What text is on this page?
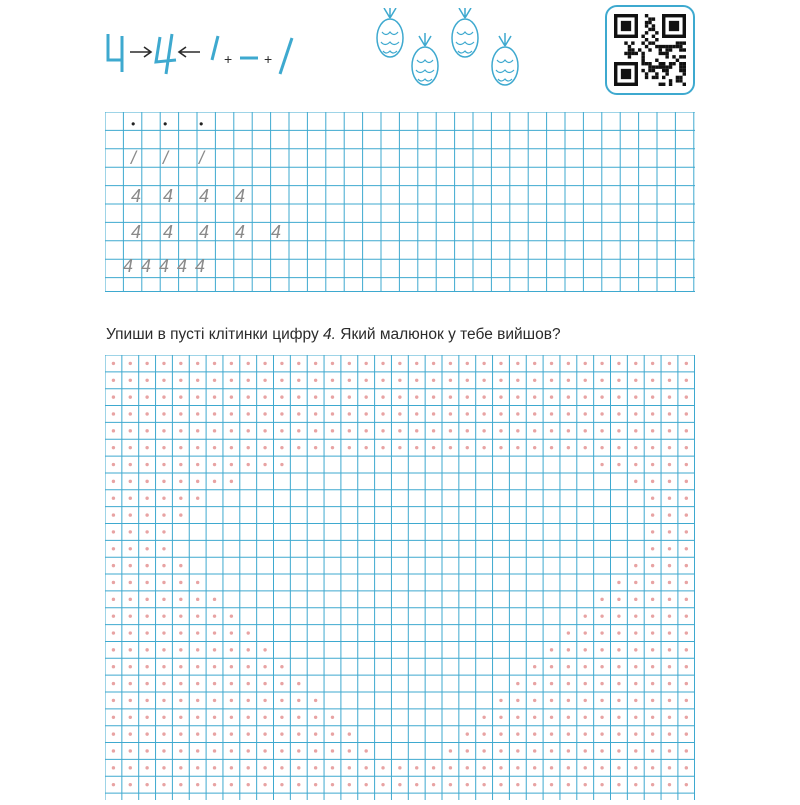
+ +
• •	•
/ / /
4 4 4 4
4 4 4 4 4
4 4 4 4 4
Упиши в пусті клітинки цифру 4. Який малюнок у тебе вийшов?
